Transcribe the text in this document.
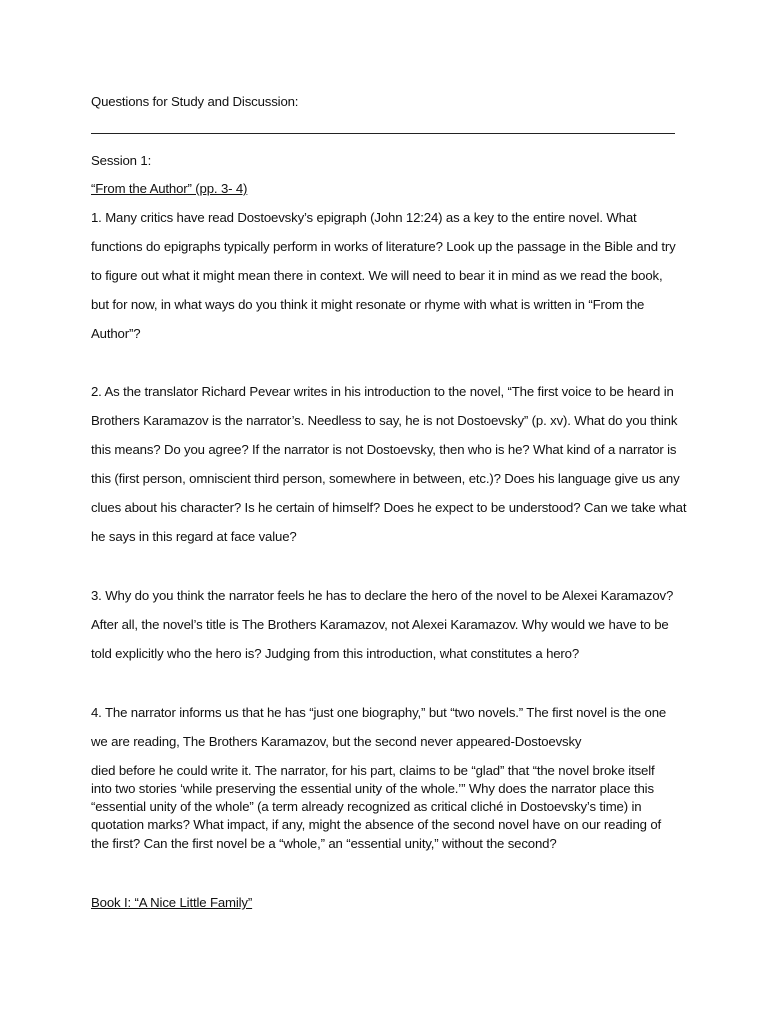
Questions for Study and Discussion:
Session 1:
“From the Author” (pp. 3- 4)
1. Many critics have read Dostoevsky’s epigraph (John 12:24) as a key to the entire novel. What
functions do epigraphs typically perform in works of literature? Look up the passage in the Bible and try
to figure out what it might mean there in context. We will need to bear it in mind as we read the book,
but for now, in what ways do you think it might resonate or rhyme with what is written in “From the
Author”?
2. As the translator Richard Pevear writes in his introduction to the novel, “The first voice to be heard in
Brothers Karamazov is the narrator’s. Needless to say, he is not Dostoevsky” (p. xv). What do you think
this means? Do you agree? If the narrator is not Dostoevsky, then who is he? What kind of a narrator is
this (first person, omniscient third person, somewhere in between, etc.)? Does his language give us any
clues about his character? Is he certain of himself? Does he expect to be understood? Can we take what
he says in this regard at face value?
3. Why do you think the narrator feels he has to declare the hero of the novel to be Alexei Karamazov?
After all, the novel’s title is The Brothers Karamazov, not Alexei Karamazov. Why would we have to be
told explicitly who the hero is? Judging from this introduction, what constitutes a hero?
4. The narrator informs us that he has “just one biography,” but “two novels.” The first novel is the one
we are reading, The Brothers Karamazov, but the second never appeared-Dostoevsky
died before he could write it. The narrator, for his part, claims to be “glad” that “the novel broke itself
into two stories ‘while preserving the essential unity of the whole.’” Why does the narrator place this
“essential unity of the whole” (a term already recognized as critical cliché in Dostoevsky’s time) in
quotation marks? What impact, if any, might the absence of the second novel have on our reading of
the first? Can the first novel be a “whole,” an “essential unity,” without the second?
Book I: “A Nice Little Family”
